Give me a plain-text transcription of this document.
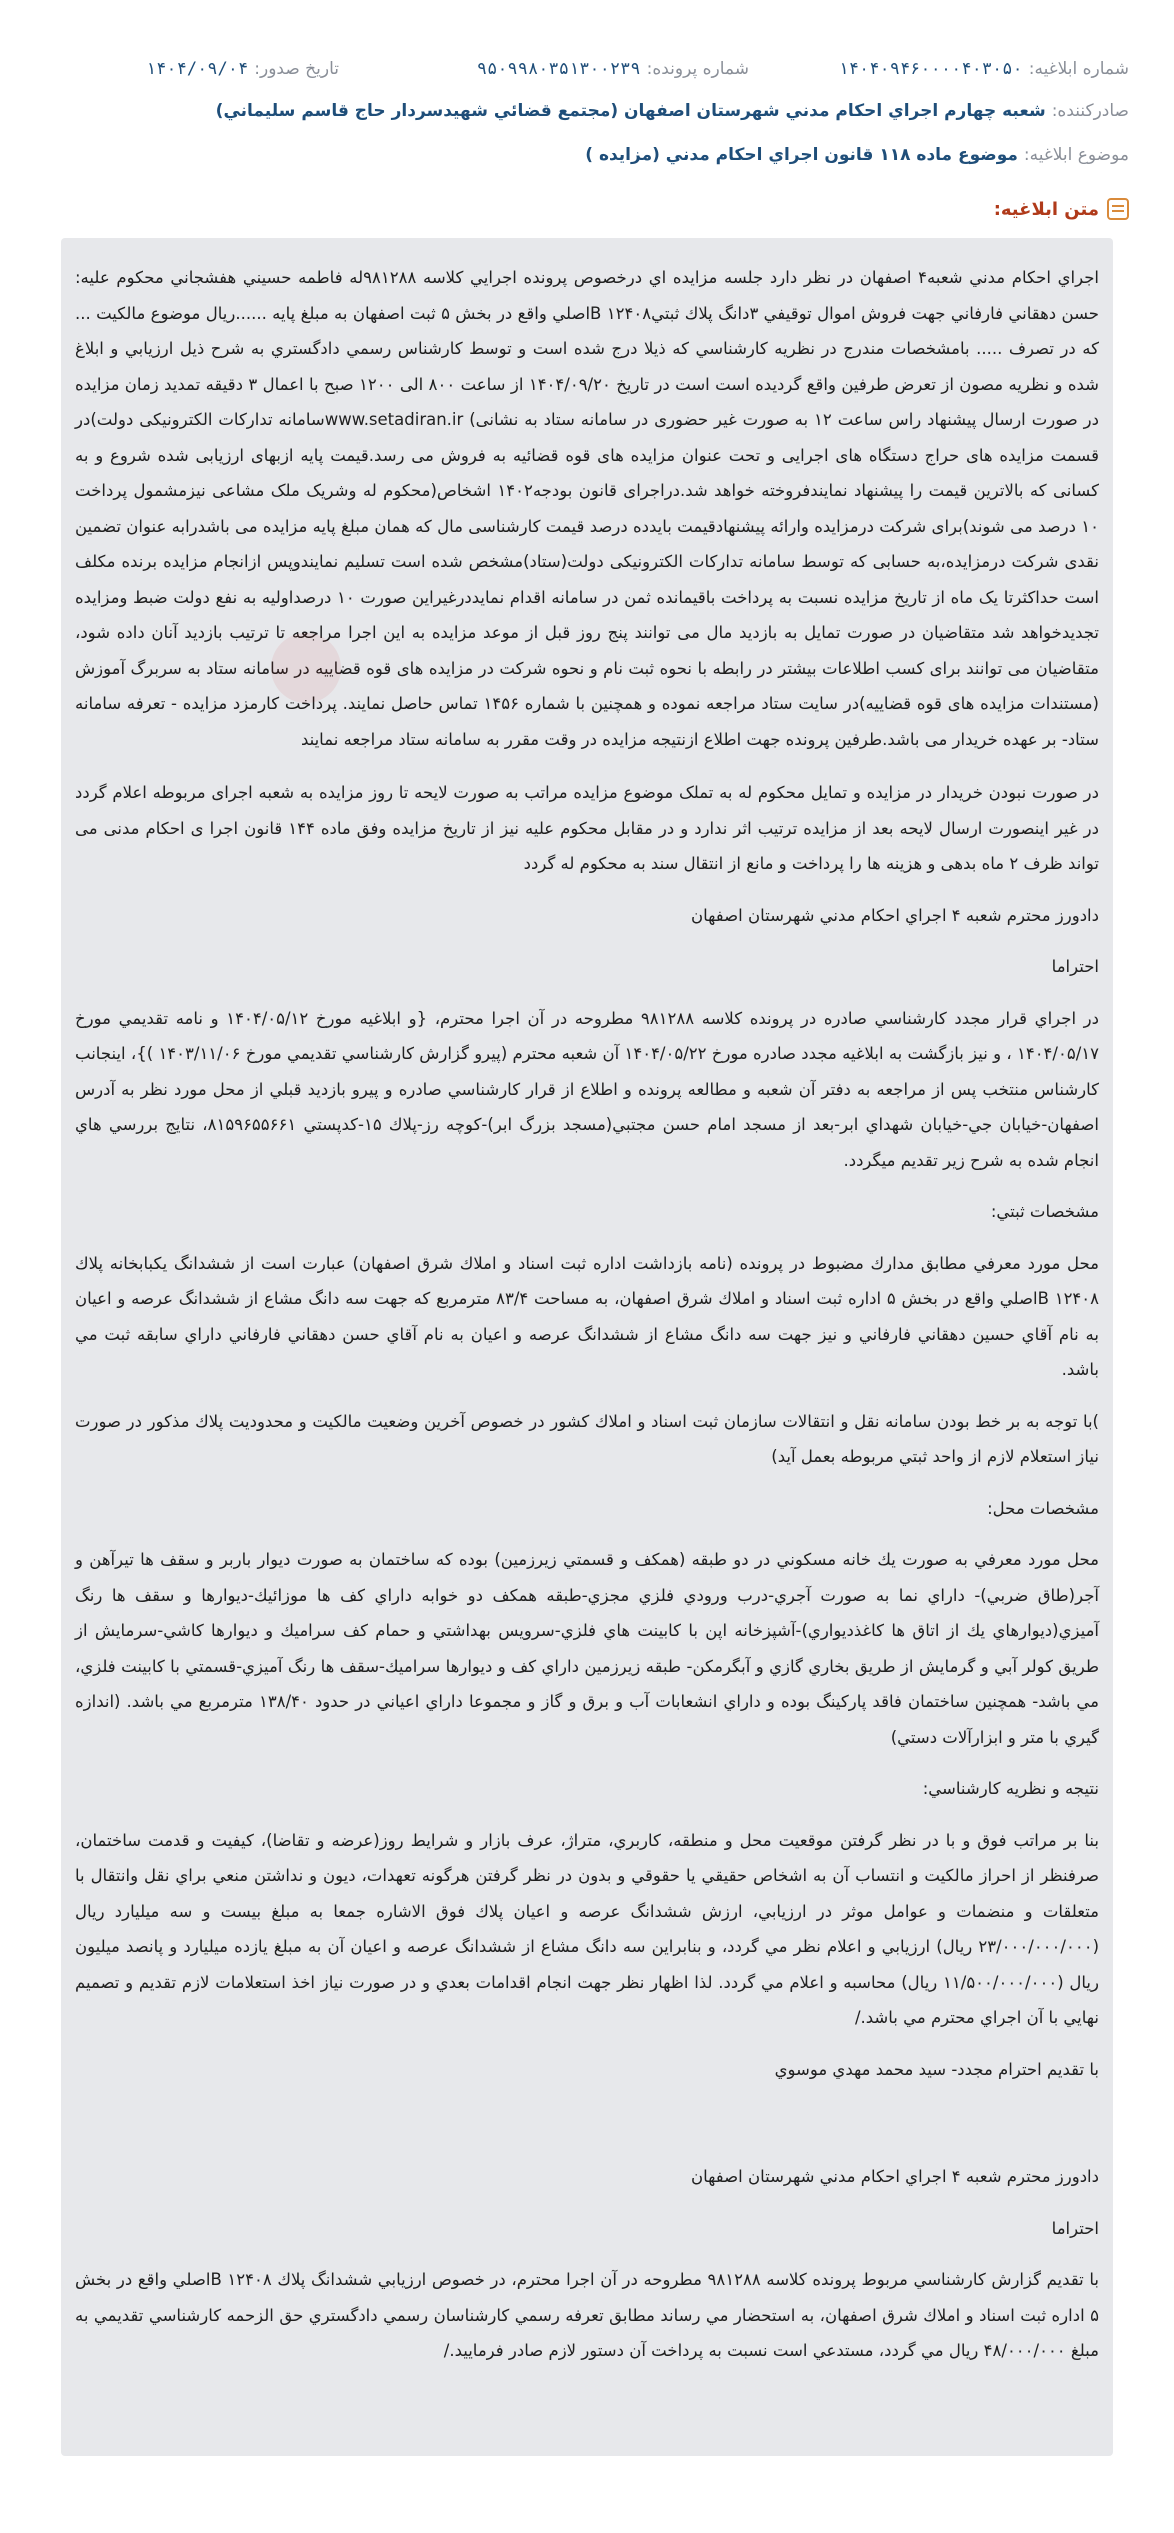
شماره ابلاغیه:
۱۴۰۴۰۹۴۶۰۰۰۰۴۰۳۰۵۰
شماره پرونده:
۹۵۰۹۹۸۰۳۵۱۳۰۰۲۳۹
تاریخ صدور:
۱۴۰۴/۰۹/۰۴
صادرکننده:
شعبه چهارم اجراي احكام مدني شهرستان اصفهان (مجتمع قضائي شهيدسردار حاج قاسم سليماني)
موضوع ابلاغیه:
موضوع ماده ۱۱۸ قانون اجراي احكام مدني (مزايده )
متن ابلاغیه:

اجراي احكام مدني شعبه۴ اصفهان در نظر دارد جلسه مزايده اي درخصوص پرونده اجرايي كلاسه ۹۸۱۲۸۸له فاطمه حسيني هفشجاني محكوم عليه: حسن دهقاني فارفاني جهت فروش اموال توقيفي ۳دانگ پلاك ثبتي۱۲۴۰۸ Bاصلي واقع در بخش ۵ ثبت اصفهان به مبلغ پايه ......ريال موضوع مالكيت ... كه در تصرف ..... بامشخصات مندرج در نظريه كارشناسي كه ذيلا درج شده است و توسط كارشناس رسمي دادگستري به شرح ذيل ارزيابي و ابلاغ شده و نظريه مصون از تعرض طرفين واقع گرديده است است در تاريخ ۱۴۰۴/۰۹/۲۰ از ساعت ۸۰۰ الی ۱۲۰۰ صبح با اعمال ۳ دقيقه تمديد زمان مزايده در صورت ارسال پيشنهاد راس ساعت ۱۲ به صورت غير حضوری در سامانه ستاد به نشانی) www.setadiran.irسامانه تداركات الكترونيكی دولت)در قسمت مزايده های حراج دستگاه های اجرايی و تحت عنوان مزايده های قوه قضائيه به فروش می رسد.قيمت پايه ازبهای ارزيابی شده شروع و به كسانی كه بالاترين قيمت را پيشنهاد نمايندفروخته خواهد شد.دراجرای قانون بودجه۱۴۰۲ اشخاص(محكوم له وشريک ملک مشاعی نيزمشمول پرداخت ۱۰ درصد می شوند)برای شركت درمزايده وارائه پيشنهادقيمت بايدده درصد قيمت كارشناسی مال كه همان مبلغ پايه مزايده می باشدرابه عنوان تضمين نقدی شركت درمزايده،به حسابی كه توسط سامانه تداركات الكترونيكی دولت(ستاد)مشخص شده است تسليم نمايندوپس ازانجام مزايده برنده مكلف است حداكثرتا يک ماه از تاريخ مزايده نسبت به پرداخت باقيمانده ثمن در سامانه اقدام نمايددرغيراين صورت ۱۰ درصداوليه به نفع دولت ضبط ومزايده تجديدخواهد شد متقاضيان در صورت تمايل به بازديد مال می توانند پنج روز قبل از موعد مزايده به اين اجرا مراجعه تا ترتيب بازديد آنان داده شود، متقاضيان می توانند برای كسب اطلاعات بيشتر در رابطه با نحوه ثبت نام و نحوه شركت در مزايده های قوه قضاييه در سامانه ستاد به سربرگ آموزش (مستندات مزايده های قوه قضاييه)در سايت ستاد مراجعه نموده و همچنين با شماره ۱۴۵۶ تماس حاصل نمايند. پرداخت كارمزد مزايده - تعرفه سامانه ستاد- بر عهده خريدار می باشد.طرفين پرونده جهت اطلاع ازنتيجه مزايده در وقت مقرر به سامانه ستاد مراجعه نمايند

در صورت نبودن خريدار در مزايده و تمايل محكوم له به تملک موضوع مزايده مراتب به صورت لايحه تا روز مزايده به شعبه اجرای مربوطه اعلام گردد در غير اينصورت ارسال لايحه بعد از مزايده ترتيب اثر ندارد و در مقابل محكوم عليه نيز از تاريخ مزايده وفق ماده ۱۴۴ قانون اجرا ی احكام مدنی می تواند ظرف ۲ ماه بدهی و هزينه ها را پرداخت و مانع از انتقال سند به محكوم له گردد

دادورز محترم شعبه ۴ اجراي احكام مدني شهرستان اصفهان

احتراما

در اجراي قرار مجدد كارشناسي صادره در پرونده كلاسه ۹۸۱۲۸۸ مطروحه در آن اجرا محترم، {و ابلاغيه مورخ ۱۴۰۴/۰۵/۱۲ و نامه تقديمي مورخ ۱۴۰۴/۰۵/۱۷ ، و نيز بازگشت به ابلاغيه مجدد صادره مورخ ۱۴۰۴/۰۵/۲۲ آن شعبه محترم (پيرو گزارش كارشناسي تقديمي مورخ ۱۴۰۳/۱۱/۰۶ )}، اينجانب كارشناس منتخب پس از مراجعه به دفتر آن شعبه و مطالعه پرونده و اطلاع از قرار كارشناسي صادره و پيرو بازديد قبلي از محل مورد نظر به آدرس اصفهان-خيابان جي-خيابان شهداي ابر-بعد از مسجد امام حسن مجتبي(مسجد بزرگ ابر)-كوچه رز-پلاك ۱۵-كدپستي ۸۱۵۹۶۵۵۶۶۱، نتايج بررسي هاي انجام شده به شرح زير تقديم ميگردد.

مشخصات ثبتي:

محل مورد معرفي مطابق مدارك مضبوط در پرونده (نامه بازداشت اداره ثبت اسناد و املاك شرق اصفهان) عبارت است از ششدانگ يكبابخانه پلاك ۱۲۴۰۸ Bاصلي واقع در بخش ۵ اداره ثبت اسناد و املاك شرق اصفهان، به مساحت ۸۳/۴ مترمربع كه جهت سه دانگ مشاع از ششدانگ عرصه و اعيان به نام آقاي حسين دهقاني فارفاني و نيز جهت سه دانگ مشاع از ششدانگ عرصه و اعيان به نام آقاي حسن دهقاني فارفاني داراي سابقه ثبت مي باشد.

)با توجه به بر خط بودن سامانه نقل و انتقالات سازمان ثبت اسناد و املاك كشور در خصوص آخرين وضعيت مالكيت و محدوديت پلاك مذكور در صورت نياز استعلام لازم از واحد ثبتي مربوطه بعمل آيد)

مشخصات محل:

محل مورد معرفي به صورت يك خانه مسكوني در دو طبقه (همكف و قسمتي زيرزمين) بوده كه ساختمان به صورت ديوار باربر و سقف ها تيرآهن و آجر(طاق ضربي)- داراي نما به صورت آجري-درب ورودي فلزي مجزي-طبقه همكف دو خوابه داراي كف ها موزائيك-ديوارها و سقف ها رنگ آميزي(ديوارهاي يك از اتاق ها كاغذديواري)-آشپزخانه اپن با كابينت هاي فلزي-سرويس بهداشتي و حمام كف سراميك و ديوارها كاشي-سرمايش از طريق كولر آبي و گرمايش از طريق بخاري گازي و آبگرمكن- طبقه زيرزمين داراي كف و ديوارها سراميك-سقف ها رنگ آميزي-قسمتي با كابينت فلزي، مي باشد- همچنين ساختمان فاقد پاركينگ بوده و داراي انشعابات آب و برق و گاز و مجموعا داراي اعياني در حدود ۱۳۸/۴۰ مترمربع مي باشد. (اندازه گيري با متر و ابزارآلات دستي)

نتيجه و نظريه كارشناسي:

بنا بر مراتب فوق و با در نظر گرفتن موقعيت محل و منطقه، كاربري، متراژ، عرف بازار و شرايط روز(عرضه و تقاضا)، كيفيت و قدمت ساختمان، صرفنظر از احراز مالكيت و انتساب آن به اشخاص حقيقي يا حقوقي و بدون در نظر گرفتن هرگونه تعهدات، ديون و نداشتن منعي براي نقل وانتقال با متعلقات و منضمات و عوامل موثر در ارزيابي، ارزش ششدانگ عرصه و اعيان پلاك فوق الاشاره جمعا به مبلغ بيست و سه ميليارد ريال (۲۳/۰۰۰/۰۰۰/۰۰۰ ريال) ارزيابي و اعلام نظر مي گردد، و بنابراين سه دانگ مشاع از ششدانگ عرصه و اعيان آن به مبلغ يازده ميليارد و پانصد ميليون ريال (۱۱/۵۰۰/۰۰۰/۰۰۰ ريال) محاسبه و اعلام مي گردد. لذا اظهار نظر جهت انجام اقدامات بعدي و در صورت نياز اخذ استعلامات لازم تقديم و تصميم نهايي با آن اجراي محترم مي باشد./

با تقديم احترام مجدد- سيد محمد مهدي موسوي

دادورز محترم شعبه ۴ اجراي احكام مدني شهرستان اصفهان

احتراما

با تقديم گزارش كارشناسي مربوط پرونده كلاسه ۹۸۱۲۸۸ مطروحه در آن اجرا محترم، در خصوص ارزيابي ششدانگ پلاك ۱۲۴۰۸ Bاصلي واقع در بخش ۵ اداره ثبت اسناد و املاك شرق اصفهان، به استحضار مي رساند مطابق تعرفه رسمي كارشناسان رسمي دادگستري حق الزحمه كارشناسي تقديمي به مبلغ ۴۸/۰۰۰/۰۰۰ ريال مي گردد، مستدعي است نسبت به پرداخت آن دستور لازم صادر فرماييد./
